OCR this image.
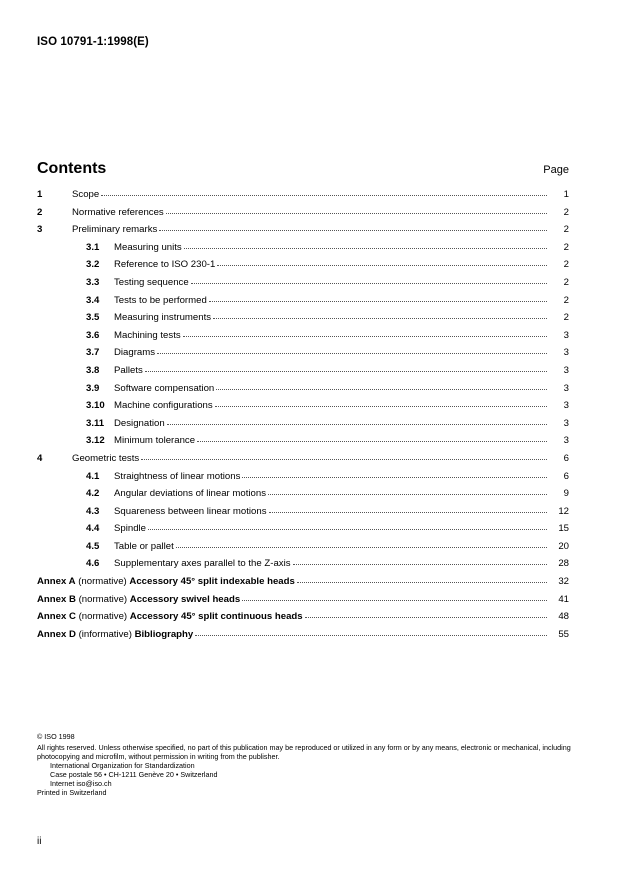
ISO 10791-1:1998(E)
Contents	Page
1	Scope	1
2	Normative references	2
3	Preliminary remarks	2
3.1	Measuring units	2
3.2	Reference to ISO 230-1	2
3.3	Testing sequence	2
3.4	Tests to be performed	2
3.5	Measuring instruments	2
3.6	Machining tests	3
3.7	Diagrams	3
3.8	Pallets	3
3.9	Software compensation	3
3.10 Machine configurations	3
3.11	Designation	3
3.12 Minimum tolerance	3
4	Geometric tests	6
4.1	Straightness of linear motions	6
4.2	Angular deviations of linear motions	9
4.3	Squareness between linear motions	12
4.4	Spindle	15
4.5	Table or pallet	20
4.6	Supplementary axes parallel to the Z-axis	28
Annex A (normative) Accessory 45° split indexable heads	32
Annex B (normative) Accessory swivel heads	41
Annex C (normative) Accessory 45° split continuous heads	48
Annex D (informative) Bibliography	55
© ISO 1998
All rights reserved. Unless otherwise specified, no part of this publication may be reproduced or utilized in any form or by any means, electronic or mechanical, including photocopying and microfilm, without permission in writing from the publisher.
International Organization for Standardization
Case postale 56 • CH-1211 Genève 20 • Switzerland
Internet iso@iso.ch
Printed in Switzerland
ii
